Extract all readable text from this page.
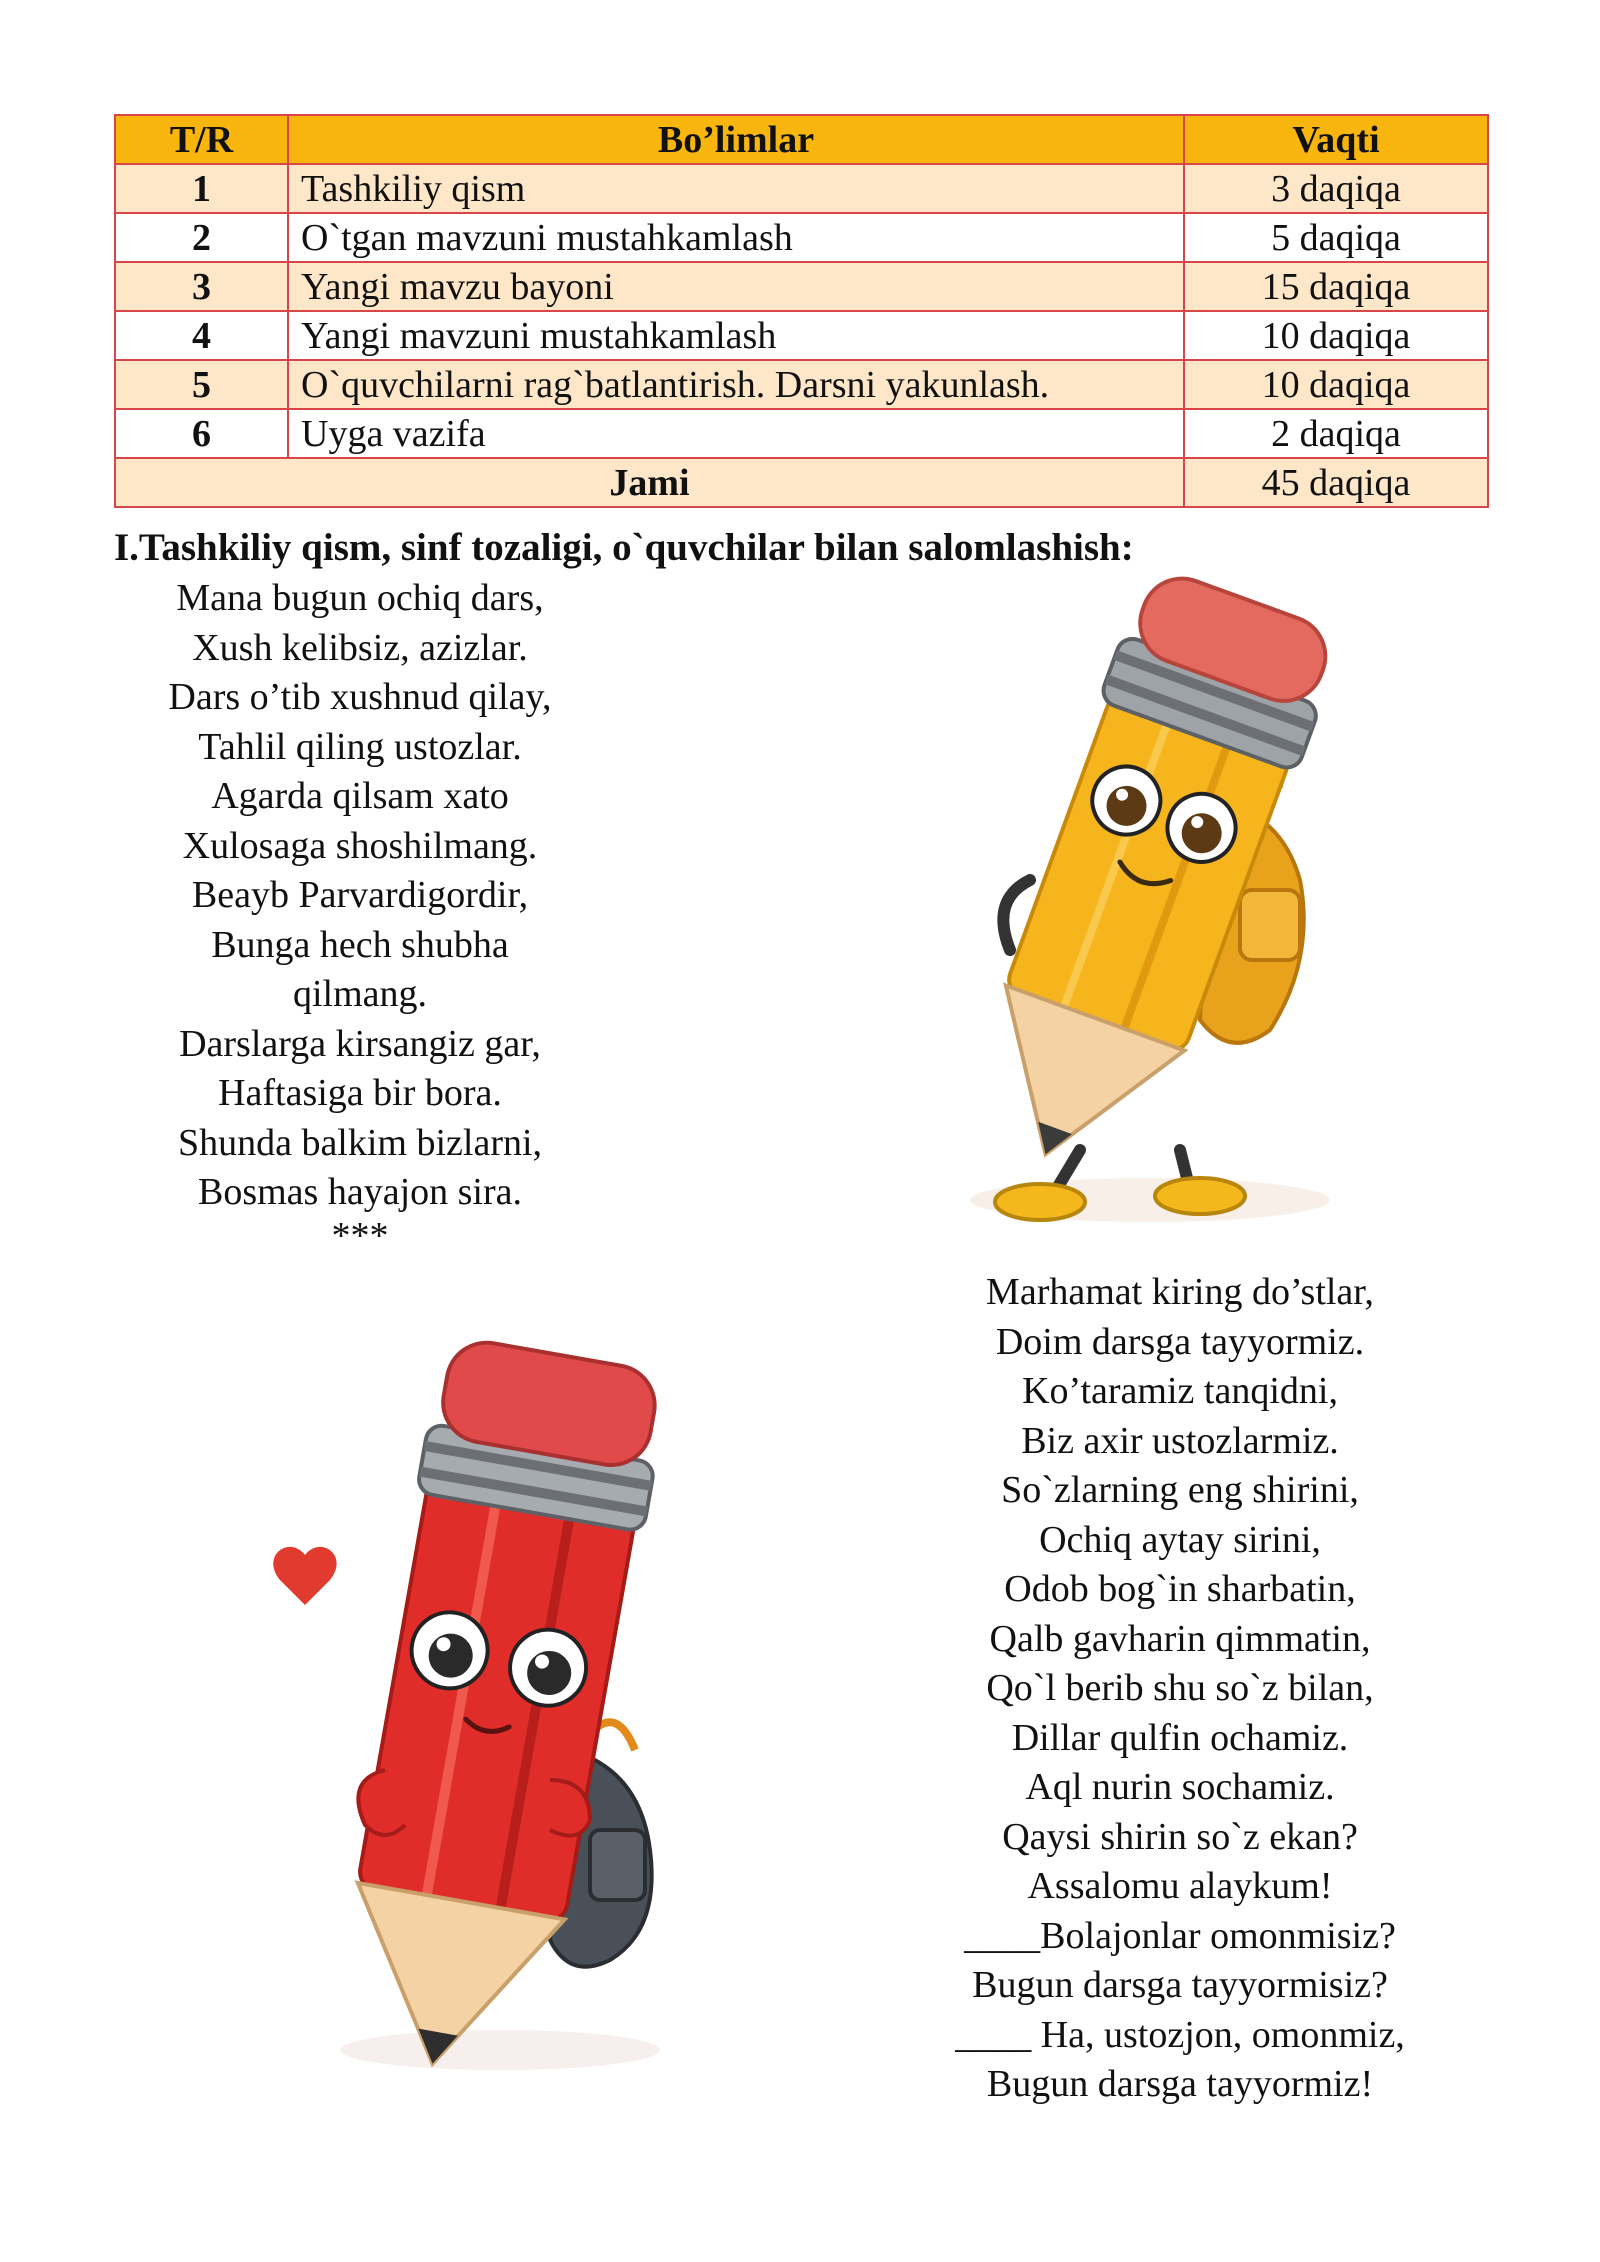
T/R	Bo’limlar	Vaqti
1	Tashkiliy qism	3 daqiqa
2	O`tgan mavzuni mustahkamlash	5 daqiqa
3	Yangi mavzu bayoni	15 daqiqa
4	Yangi mavzuni mustahkamlash	10 daqiqa
5	O`quvchilarni rag`batlantirish. Darsni yakunlash.	10 daqiqa
6	Uyga vazifa	2 daqiqa
Jami		45 daqiqa
I.Tashkiliy qism, sinf tozaligi, o`quvchilar bilan salomlashish:
Mana bugun ochiq dars,
Xush kelibsiz, azizlar.
Dars o’tib xushnud qilay,
Tahlil qiling ustozlar.
Agarda qilsam xato
Xulosaga shoshilmang.
Beayb Parvardigordir,
Bunga hech shubha
qilmang.
Darslarga kirsangiz gar,
Haftasiga bir bora.
Shunda balkim bizlarni,
Bosmas hayajon sira.
***
Marhamat kiring do’stlar,
Doim darsga tayyormiz.
Ko’taramiz tanqidni,
Biz axir ustozlarmiz.
So`zlarning eng shirini,
Ochiq aytay sirini,
Odob bog`in sharbatin,
Qalb gavharin qimmatin,
Qo`l berib shu so`z bilan,
Dillar qulfin ochamiz.
Aql nurin sochamiz.
Qaysi shirin so`z ekan?
Assalomu alaykum!
____Bolajonlar omonmisiz?
Bugun darsga tayyormisiz?
____ Ha, ustozjon, omonmiz,
Bugun darsga tayyormiz!
